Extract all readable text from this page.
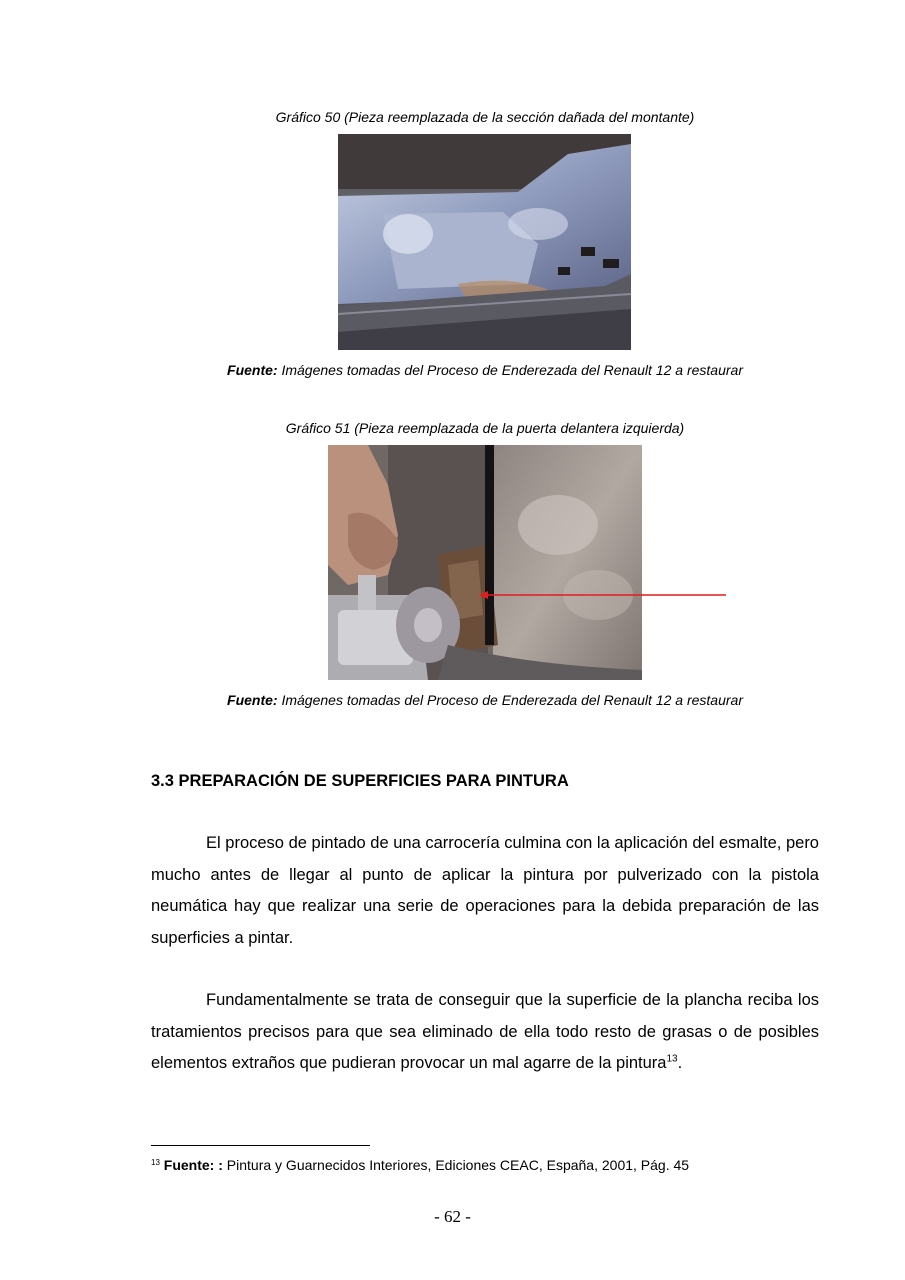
Gráfico 50 (Pieza reemplazada de la sección dañada del montante)
Fuente: Imágenes tomadas del Proceso de Enderezada del Renault 12 a restaurar
Gráfico 51 (Pieza reemplazada de la puerta delantera izquierda)
Fuente: Imágenes tomadas del Proceso de Enderezada del Renault 12 a restaurar
3.3 PREPARACIÓN DE SUPERFICIES PARA PINTURA

El proceso de pintado de una carrocería culmina con la aplicación del esmalte, pero mucho antes de llegar al punto de aplicar la pintura por pulverizado con la pistola neumática hay que realizar una serie de operaciones para la debida preparación de las superficies a pintar.

Fundamentalmente se trata de conseguir que la superficie de la plancha reciba los tratamientos precisos para que sea eliminado de ella todo resto de grasas o de posibles elementos extraños que pudieran provocar un mal agarre de la pintura$^{13}$.

$^{13}$ Fuente: : Pintura y Guarnecidos Interiores, Ediciones CEAC, España, 2001, Pág. 45
- 62 -
